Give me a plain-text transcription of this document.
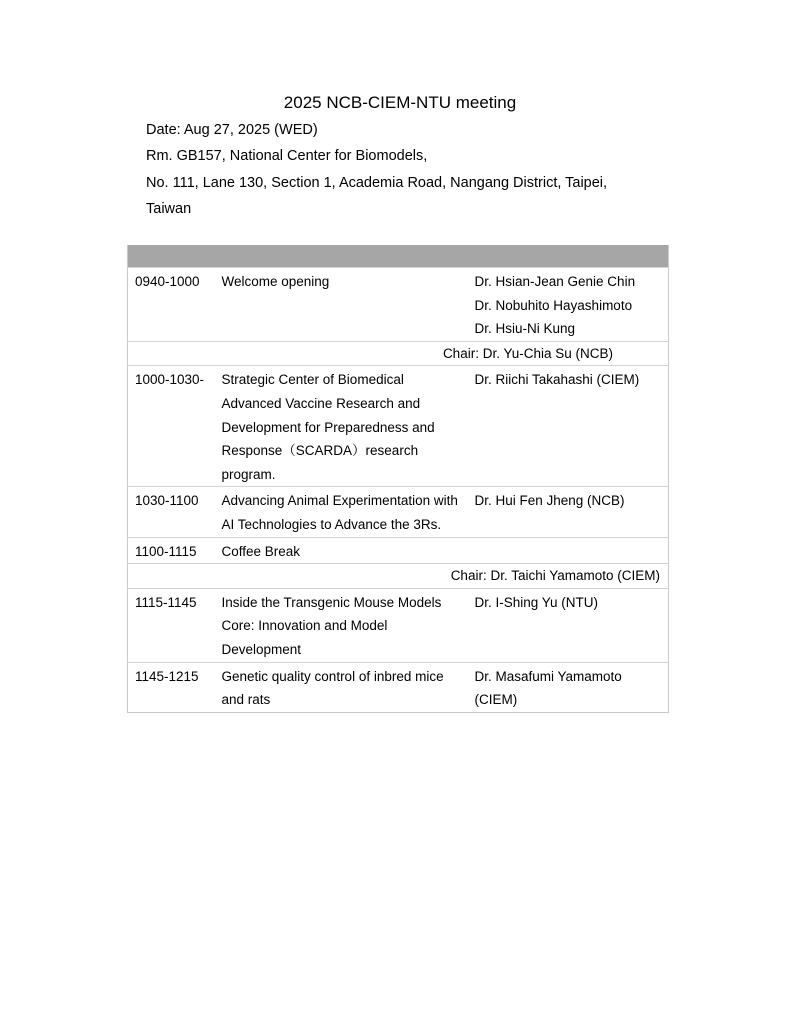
2025 NCB-CIEM-NTU meeting
Date: Aug 27, 2025 (WED)
Rm. GB157, National Center for Biomodels,
No. 111, Lane 130, Section 1, Academia Road, Nangang District, Taipei,
Taiwan

0940-1000	Welcome opening	Dr. Hsian-Jean Genie Chin
Dr. Nobuhito Hayashimoto
Dr. Hsiu-Ni Kung

Chair: Dr. Yu-Chia Su (NCB)		
1000-1030-	Strategic Center of Biomedical
Advanced Vaccine Research and
Development for Preparedness and
Response（SCARDA）research
program.	Dr. Riichi Takahashi (CIEM)

1030-1100	Advancing Animal Experimentation with
AI Technologies to Advance the 3Rs.	Dr. Hui Fen Jheng (NCB)

1100-1115	Coffee Break	

Chair: Dr. Taichi Yamamoto (CIEM)		
1115-1145	Inside the Transgenic Mouse Models
Core: Innovation and Model
Development	Dr. I-Shing Yu (NTU)

1145-1215	Genetic quality control of inbred mice
and rats	Dr. Masafumi Yamamoto
(CIEM)
